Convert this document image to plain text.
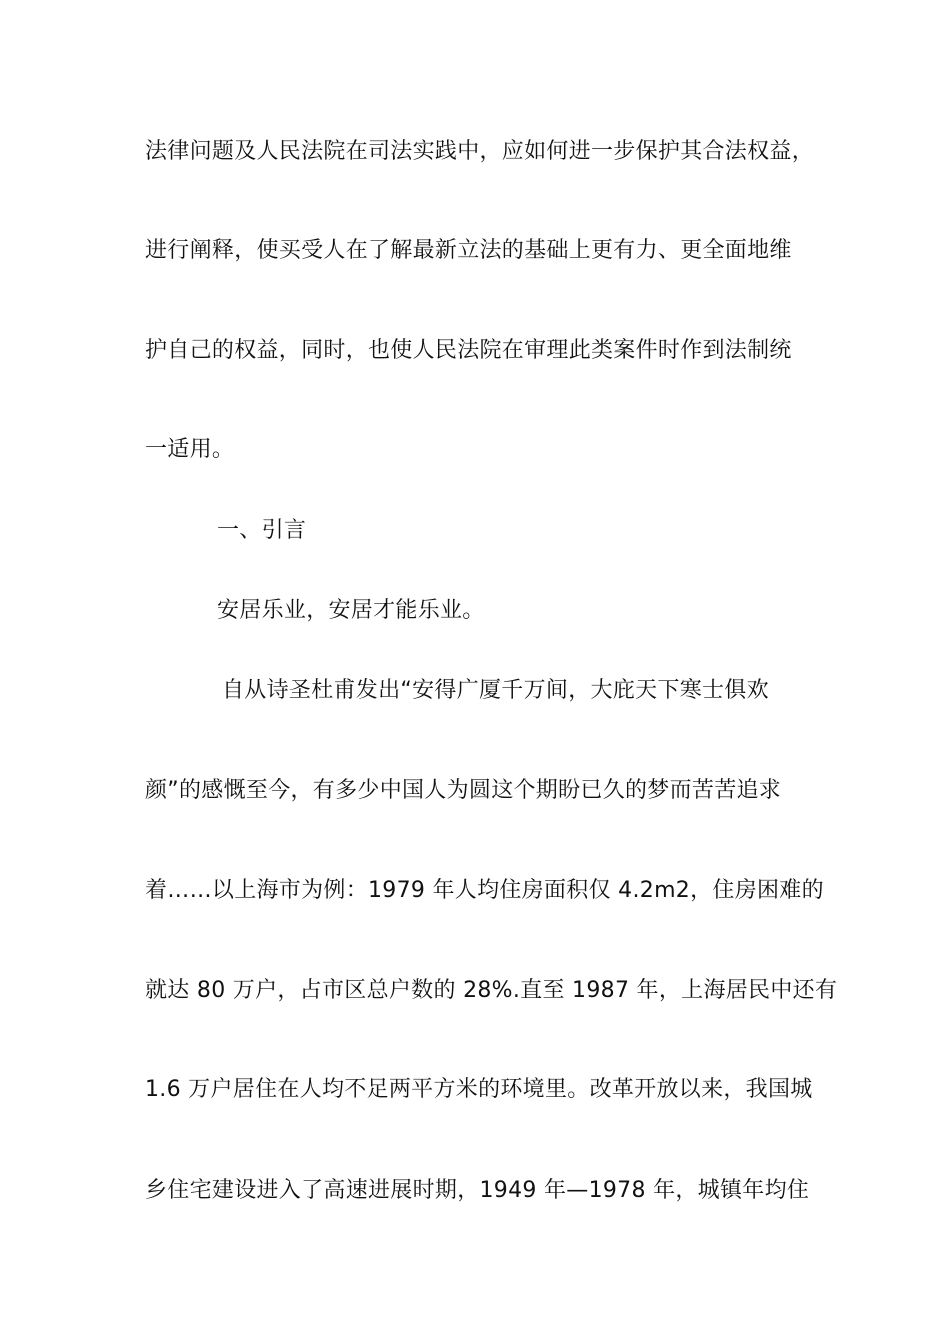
法律问题及人民法院在司法实践中，应如何进一步保护其合法权益，
进行阐释，使买受人在了解最新立法的基础上更有力、更全面地维
护自己的权益，同时，也使人民法院在审理此类案件时作到法制统
一适用。
一、引言
安居乐业，安居才能乐业。
自从诗圣杜甫发出“安得广厦千万间，大庇天下寒士俱欢
颜”的感慨至今，有多少中国人为圆这个期盼已久的梦而苦苦追求
着……以上海市为例：1979 年人均住房面积仅 4.2m2，住房困难的
就达 80 万户，占市区总户数的 28%.直至 1987 年，上海居民中还有
1.6 万户居住在人均不足两平方米的环境里。改革开放以来，我国城
乡住宅建设进入了高速进展时期，1949 年—1978 年，城镇年均住
